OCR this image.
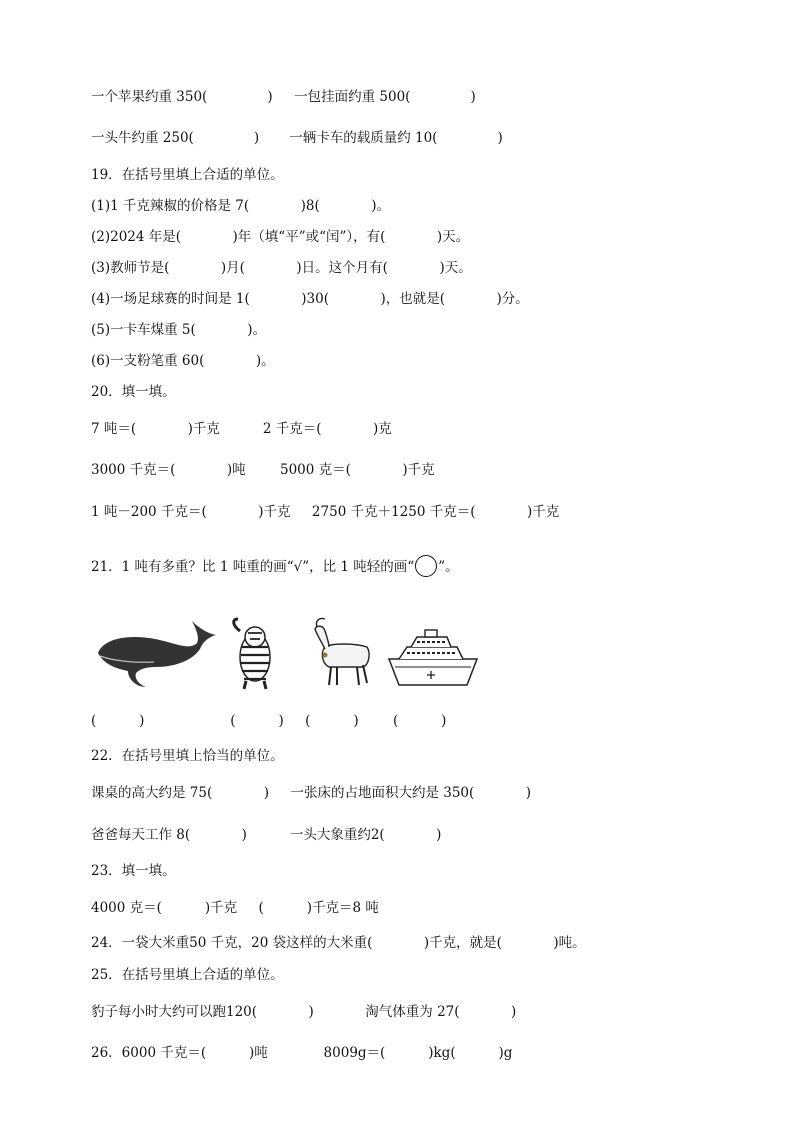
一个苹果约重 350(              )     一包挂面约重 500(              )
一头牛约重 250(              )       一辆卡车的载质量约 10(              )
19．在括号里填上合适的单位。
(1)1 千克辣椒的价格是 7(            )8(            )。
(2)2024 年是(            )年（填“平”或“闰”），有(            )天。
(3)教师节是(            )月(            )日。这个月有(            )天。
(4)一场足球赛的时间是 1(            )30(            )，也就是(            )分。
(5)一卡车煤重 5(            )。
(6)一支粉笔重 60(            )。
20．填一填。
7 吨＝(            )千克          2 千克＝(            )克
3000 千克＝(            )吨        5000 克＝(            )千克
1 吨－200 千克＝(            )千克     2750 千克＋1250 千克＝(            )千克
21．1 吨有多重？比 1 吨重的画“√”，比 1 吨轻的画“ ”。
(          )                    (          )     (          )        (          )
22．在括号里填上恰当的单位。
课桌的高大约是 75(            )     一张床的占地面积大约是 350(            )
爸爸每天工作 8(            )          一头大象重约2(            )
23．填一填。
4000 克＝(          )千克     (          )千克＝8 吨
24．一袋大米重50 千克，20 袋这样的大米重(            )千克，就是(            )吨。
25．在括号里填上合适的单位。
豹子每小时大约可以跑120(            )            淘气体重为 27(            )
26．6000 千克＝(          )吨             8009g＝(          )kg(          )g
